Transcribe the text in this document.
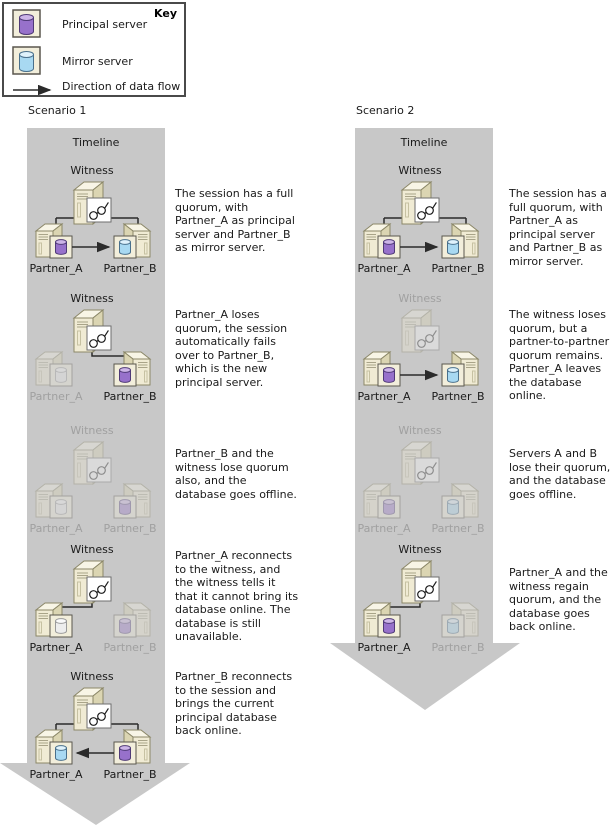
Scenario 1
Timeline
Witness
Partner_A Partner_B
The session has a full quorum, with Partner_A as principal server and Partner_B as mirror server.
Witness
Partner_A Partner_B
Partner_A loses quorum, the session automatically fails over to Partner_B, which is the new principal server.
Witness
Partner_A Partner_B
Partner_B and the witness lose quorum also, and the database goes offline.
Witness
Partner_A Partner_B
Partner_A reconnects to the witness, and the witness tells it that it cannot bring its database online. The database is still unavailable.
Witness
Partner_A Partner_B
Partner_B reconnects to the session and brings the current principal database back online.
Scenario 2
Timeline
Witness
Partner_A Partner_B
The session has a full quorum, with Partner_A as principal server and Partner_B as mirror server.
Witness
Partner_A Partner_B
The witness loses quorum, but a partner-to-partner quorum remains. Partner_A leaves the database online.
Witness
Partner_A Partner_B
Servers A and B lose their quorum, and the database goes offline.
Witness
Partner_A Partner_B
Partner_A and the witness regain quorum, and the database goes back online.
Key
Principal server
Mirror server
Direction of data flow
